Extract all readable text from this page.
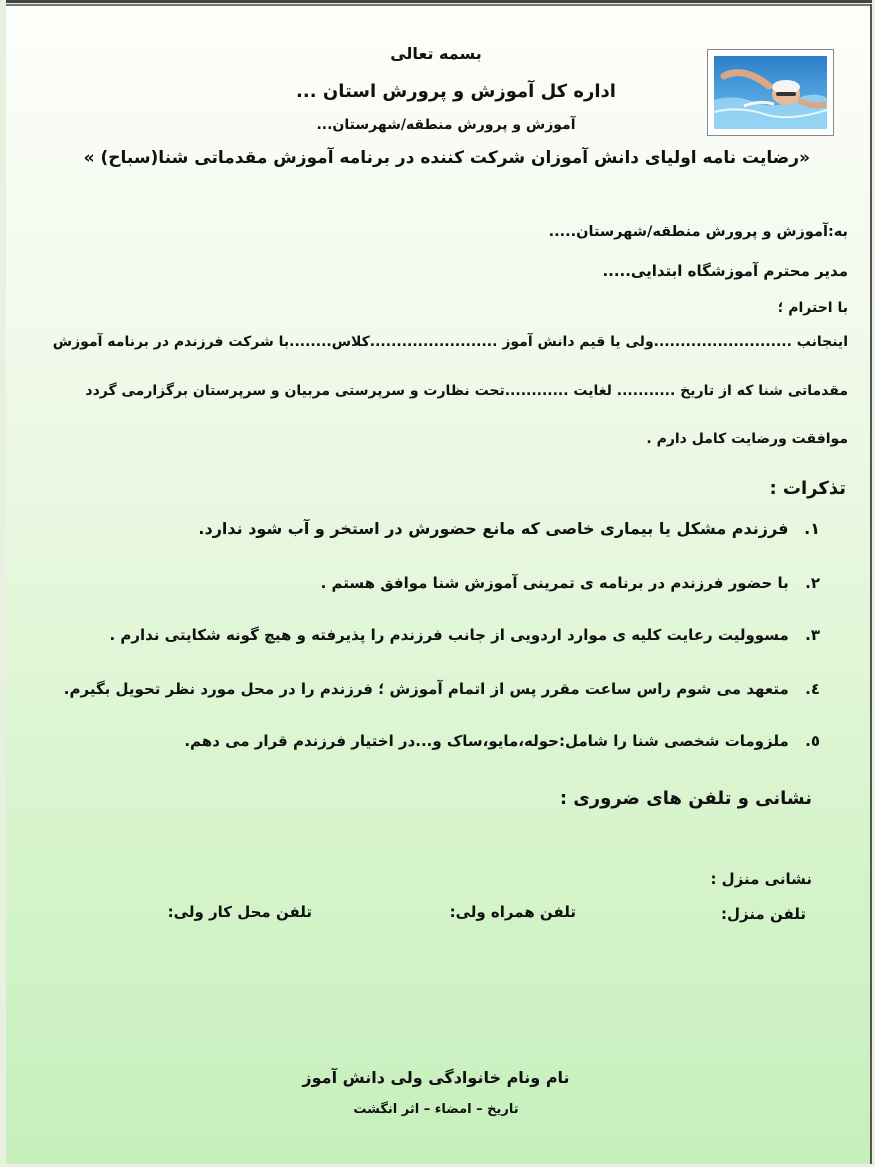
بسمه تعالی
اداره کل آموزش و پرورش استان ...
آموزش و پرورش منطقه/شهرستان...
«رضایت نامه اولیای دانش آموزان شرکت کننده در برنامه آموزش مقدماتی شنا(سباح) »
به:آموزش و پرورش منطقه/شهرستان.....
مدیر محترم آموزشگاه ابتدایی.....
با احترام ؛
اینجانب ..........................ولی یا قیم دانش آموز ........................کلاس........با شرکت فرزندم در برنامه آموزش
مقدماتی شنا که از تاریخ ........... لغایت ............تحت نظارت و سرپرستی مربیان و سرپرستان برگزارمی گردد
موافقت ورضایت کامل دارم .
تذکرات :
۱. فرزندم مشکل یا بیماری خاصی که مانع حضورش در استخر و آب شود ندارد.
۲. با حضور فرزندم در برنامه ی تمرینی آموزش شنا موافق هستم .
۳. مسوولیت رعایت کلیه ی موارد اردویی از جانب فرزندم را پذیرفته و هیچ گونه شکایتی ندارم .
٤. متعهد می شوم راس ساعت مقرر پس از اتمام آموزش ؛ فرزندم را در محل مورد نظر تحویل بگیرم.
٥. ملزومات شخصی شنا را شامل:حوله،مایو،ساک و...در اختیار فرزندم قرار می دهم.
نشانی و تلفن های ضروری :
نشانی منزل :
تلفن منزل:
تلفن همراه ولی:
تلفن محل کار ولی:
نام ونام خانوادگی ولی دانش آموز
تاریخ – امضاء – اثر انگشت
